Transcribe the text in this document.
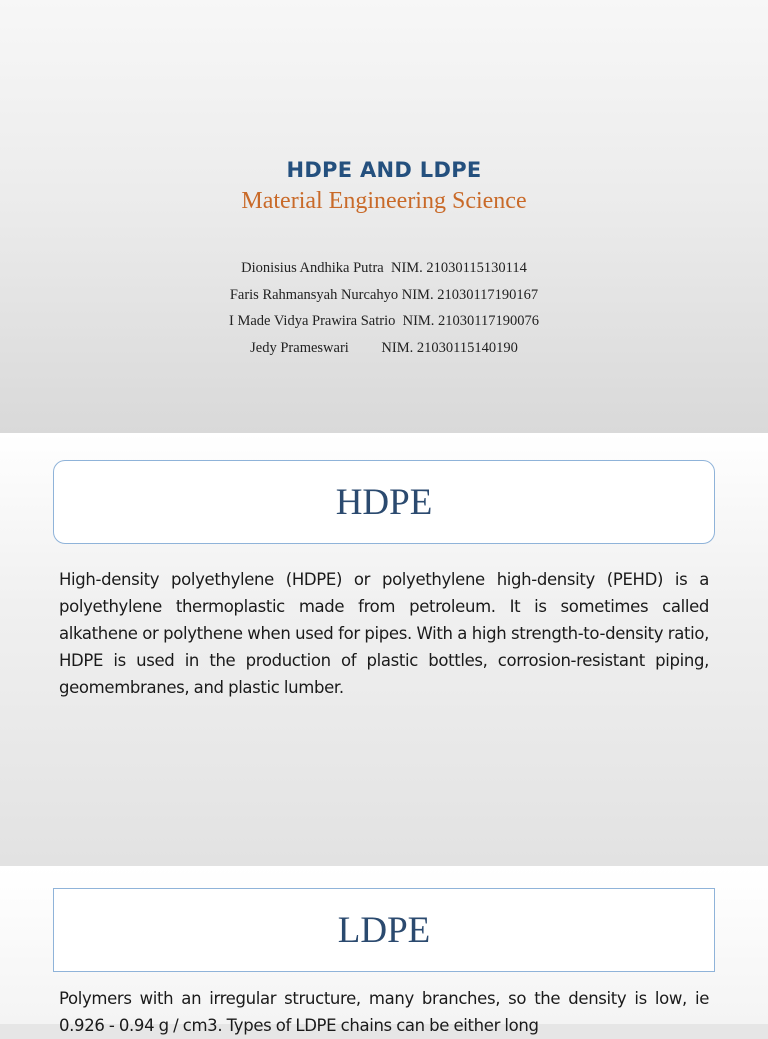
HDPE AND LDPE
Material Engineering Science
Dionisius Andhika Putra  NIM. 21030115130114
Faris Rahmansyah Nurcahyo NIM. 21030117190167
I Made Vidya Prawira Satrio  NIM. 21030117190076
Jedy Prameswari         NIM. 21030115140190
HDPE

High-density polyethylene (HDPE) or polyethylene high-density (PEHD) is a polyethylene thermoplastic made from petroleum. It is sometimes called alkathene or polythene when used for pipes. With a high strength-to-density ratio, HDPE is used in the production of plastic bottles, corrosion-resistant piping, geomembranes, and plastic lumber.

LDPE

Polymers with an irregular structure, many branches, so the density is low, ie 0.926 - 0.94 g / cm3. Types of LDPE chains can be either long
